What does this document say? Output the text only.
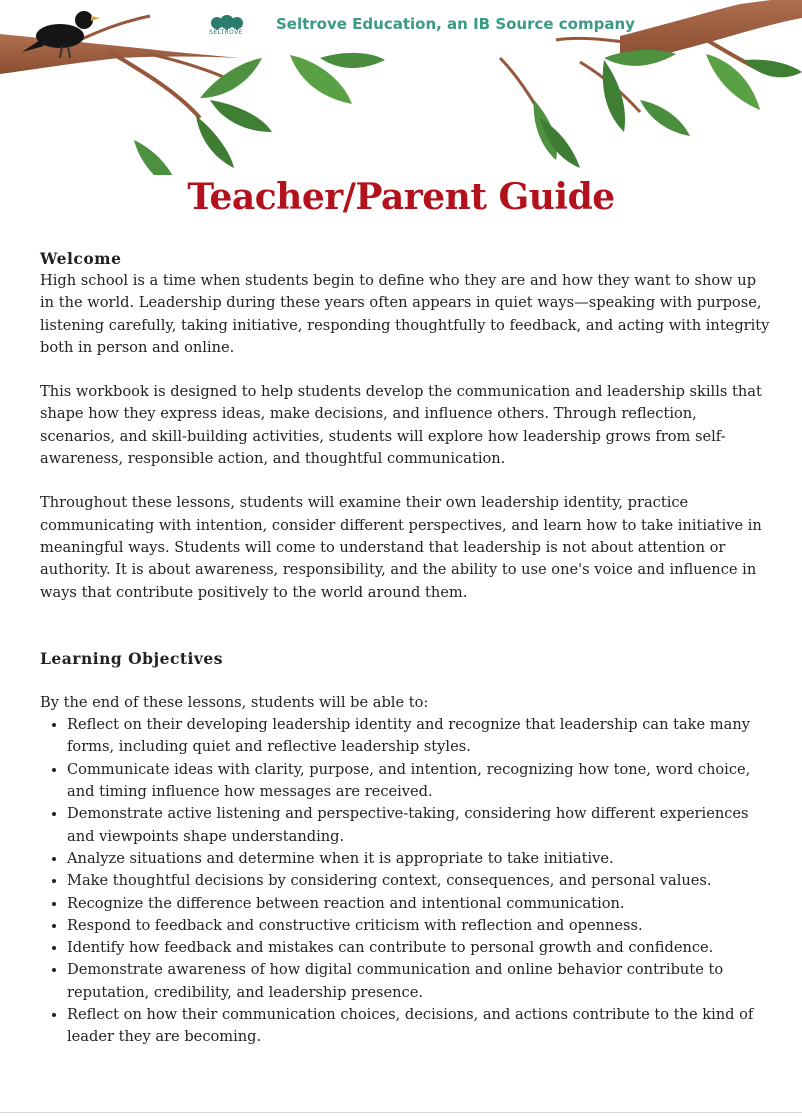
SELTROVE Seltrove Education, an IB Source company
Teacher/Parent Guide

Welcome

High school is a time when students begin to define who they are and how they want to show up in the world. Leadership during these years often appears in quiet ways—speaking with purpose, listening carefully, taking initiative, responding thoughtfully to feedback, and acting with integrity both in person and online.

This workbook is designed to help students develop the communication and leadership skills that shape how they express ideas, make decisions, and influence others. Through reflection, scenarios, and skill-building activities, students will explore how leadership grows from self-awareness, responsible action, and thoughtful communication.

Throughout these lessons, students will examine their own leadership identity, practice communicating with intention, consider different perspectives, and learn how to take initiative in meaningful ways. Students will come to understand that leadership is not about attention or authority. It is about awareness, responsibility, and the ability to use one's voice and influence in ways that contribute positively to the world around them.

Learning Objectives

By the end of these lessons, students will be able to:

• Reflect on their developing leadership identity and recognize that leadership can take many forms, including quiet and reflective leadership styles.
• Communicate ideas with clarity, purpose, and intention, recognizing how tone, word choice, and timing influence how messages are received.
• Demonstrate active listening and perspective-taking, considering how different experiences and viewpoints shape understanding.
• Analyze situations and determine when it is appropriate to take initiative.
• Make thoughtful decisions by considering context, consequences, and personal values.
• Recognize the difference between reaction and intentional communication.
• Respond to feedback and constructive criticism with reflection and openness.
• Identify how feedback and mistakes can contribute to personal growth and confidence.
• Demonstrate awareness of how digital communication and online behavior contribute to reputation, credibility, and leadership presence.
• Reflect on how their communication choices, decisions, and actions contribute to the kind of leader they are becoming.
